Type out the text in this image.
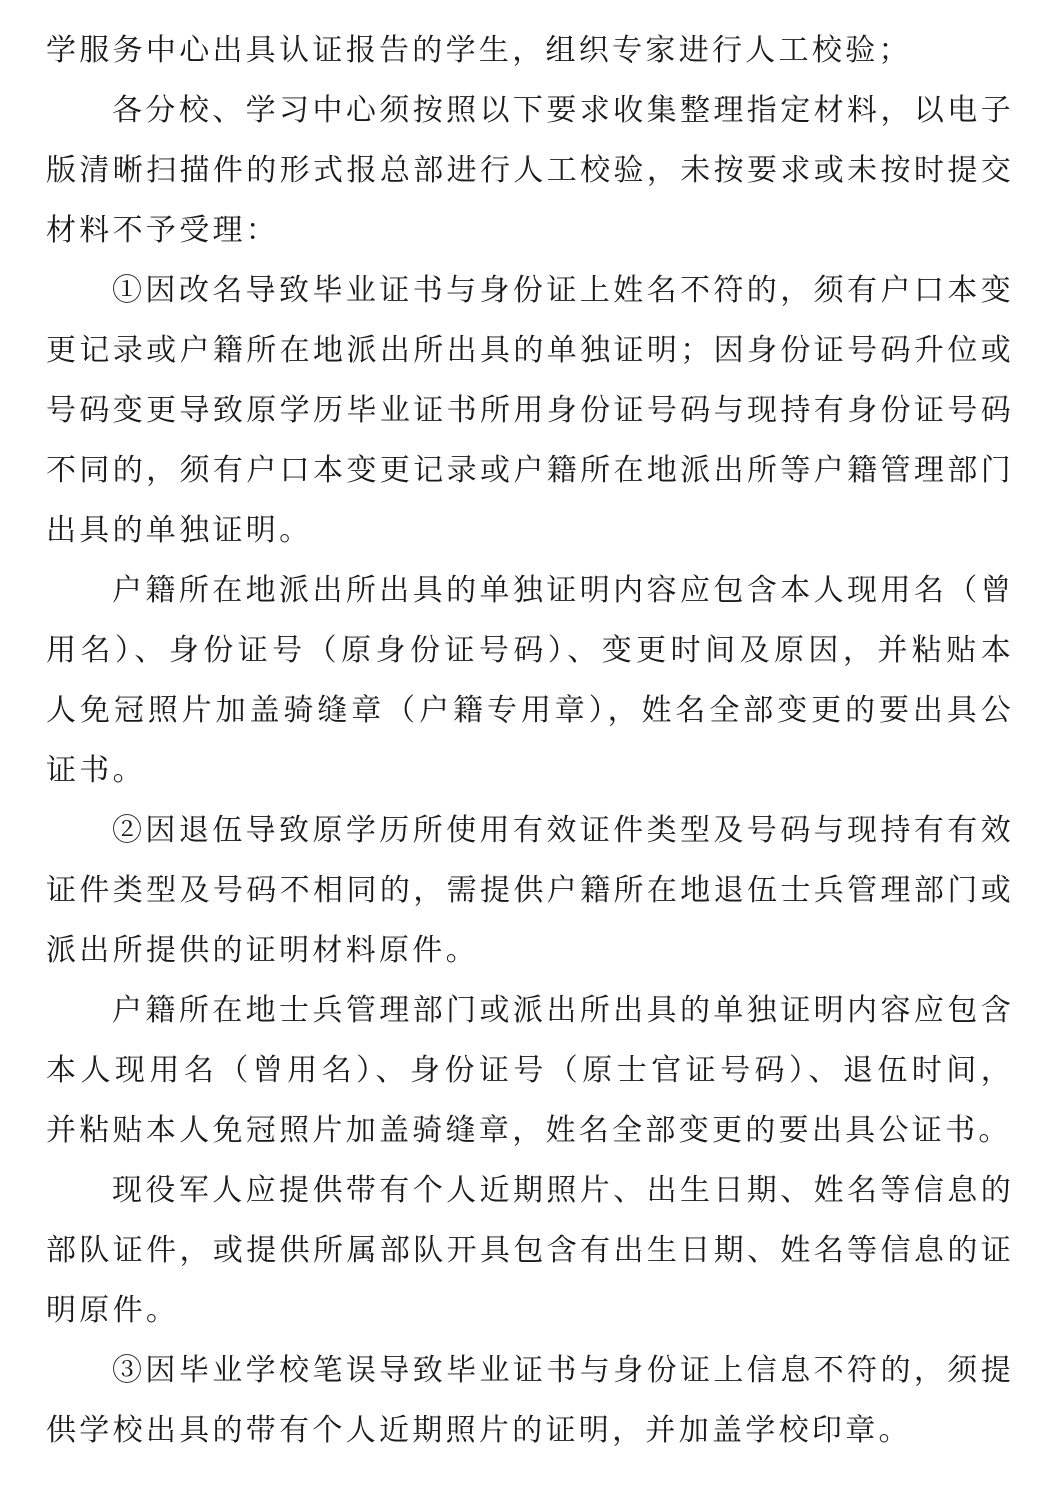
学服务中心出具认证报告的学生，组织专家进行人工校验；

各分校、学习中心须按照以下要求收集整理指定材料，以电子版清晰扫描件的形式报总部进行人工校验，未按要求或未按时提交材料不予受理：

①因改名导致毕业证书与身份证上姓名不符的，须有户口本变更记录或户籍所在地派出所出具的单独证明；因身份证号码升位或号码变更导致原学历毕业证书所用身份证号码与现持有身份证号码不同的，须有户口本变更记录或户籍所在地派出所等户籍管理部门出具的单独证明。

户籍所在地派出所出具的单独证明内容应包含本人现用名（曾用名）、身份证号（原身份证号码）、变更时间及原因，并粘贴本人免冠照片加盖骑缝章（户籍专用章），姓名全部变更的要出具公证书。

②因退伍导致原学历所使用有效证件类型及号码与现持有有效证件类型及号码不相同的，需提供户籍所在地退伍士兵管理部门或派出所提供的证明材料原件。

户籍所在地士兵管理部门或派出所出具的单独证明内容应包含本人现用名（曾用名）、身份证号（原士官证号码）、退伍时间，并粘贴本人免冠照片加盖骑缝章，姓名全部变更的要出具公证书。

现役军人应提供带有个人近期照片、出生日期、姓名等信息的部队证件，或提供所属部队开具包含有出生日期、姓名等信息的证明原件。

③因毕业学校笔误导致毕业证书与身份证上信息不符的，须提供学校出具的带有个人近期照片的证明，并加盖学校印章。
